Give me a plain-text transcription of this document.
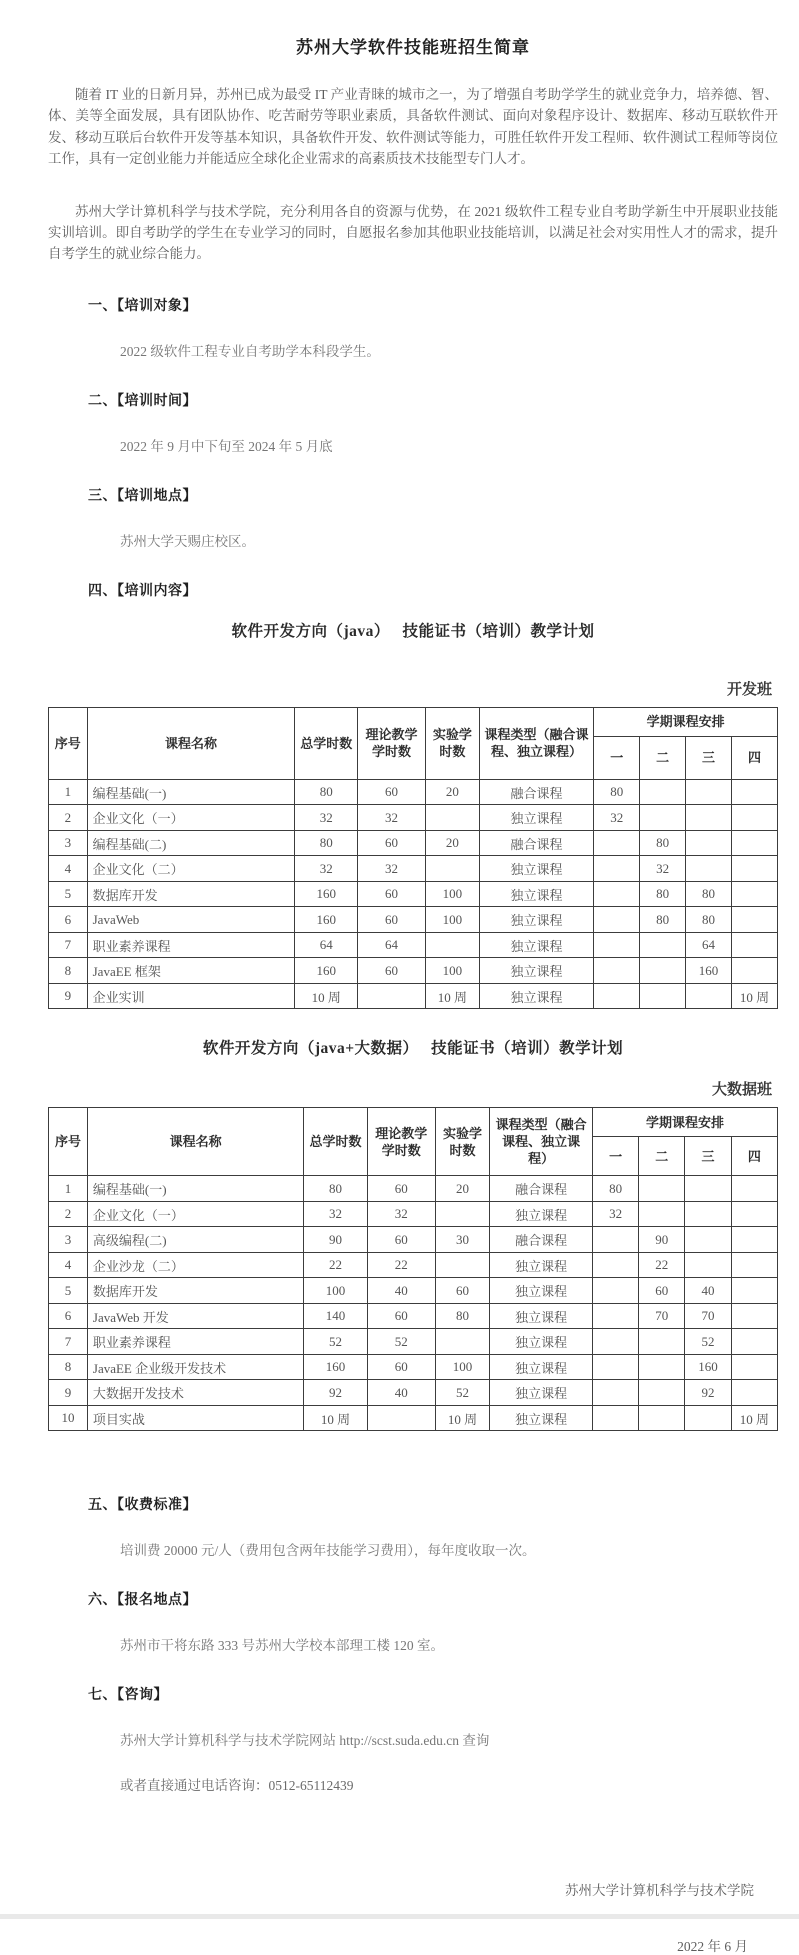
苏州大学软件技能班招生简章

随着 IT 业的日新月异，苏州已成为最受 IT 产业青睐的城市之一，为了增强自考助学学生的就业竞争力，培养德、智、体、美等全面发展，具有团队协作、吃苦耐劳等职业素质，具备软件测试、面向对象程序设计、数据库、移动互联软件开发、移动互联后台软件开发等基本知识，具备软件开发、软件测试等能力，可胜任软件开发工程师、软件测试工程师等岗位工作，具有一定创业能力并能适应全球化企业需求的高素质技术技能型专门人才。

苏州大学计算机科学与技术学院，充分利用各自的资源与优势，在 2021 级软件工程专业自考助学新生中开展职业技能实训培训。即自考助学的学生在专业学习的同时，自愿报名参加其他职业技能培训，以满足社会对实用性人才的需求，提升自考学生的就业综合能力。

一、【培训对象】

2022 级软件工程专业自考助学本科段学生。

二、【培训时间】

2022 年 9 月中下旬至 2024 年 5 月底

三、【培训地点】

苏州大学天赐庄校区。

四、【培训内容】
软件开发方向（java）　 技能证书（培训）教学计划
开发班
序号	课程名称	总学时数	理论教学学时数	实验学时数	课程类型（融合课程、独立课程）	学期课程安排			
						一	二	三	四
1	编程基础(一)	80	60	20	融合课程	80			
2	企业文化（一）	32	32		独立课程	32			
3	编程基础(二)	80	60	20	融合课程		80		
4	企业文化（二）	32	32		独立课程		32		
5	数据库开发	160	60	100	独立课程		80	80	
6	JavaWeb	160	60	100	独立课程		80	80	
7	职业素养课程	64	64		独立课程			64	
8	JavaEE 框架	160	60	100	独立课程			160	
9	企业实训	10 周		10 周	独立课程				10 周
软件开发方向（java+大数据）　 技能证书（培训）教学计划
大数据班
序号	课程名称	总学时数	理论教学学时数	实验学时数	课程类型（融合课程、独立课程）	学期课程安排			
						一	二	三	四
1	编程基础(一)	80	60	20	融合课程	80			
2	企业文化（一）	32	32		独立课程	32			
3	高级编程(二)	90	60	30	融合课程		90		
4	企业沙龙（二）	22	22		独立课程		22		
5	数据库开发	100	40	60	独立课程		60	40	
6	JavaWeb 开发	140	60	80	独立课程		70	70	
7	职业素养课程	52	52		独立课程			52	
8	JavaEE 企业级开发技术	160	60	100	独立课程			160	
9	大数据开发技术	92	40	52	独立课程			92	
10	项目实战	10 周		10 周	独立课程				10 周
五、【收费标准】

培训费 20000 元/人（费用包含两年技能学习费用），每年度收取一次。

六、【报名地点】

苏州市干将东路 333 号苏州大学校本部理工楼 120 室。

七、【咨询】

苏州大学计算机科学与技术学院网站 http://scst.suda.edu.cn 查询

或者直接通过电话咨询：0512-65112439

苏州大学计算机科学与技术学院
2022 年 6 月
